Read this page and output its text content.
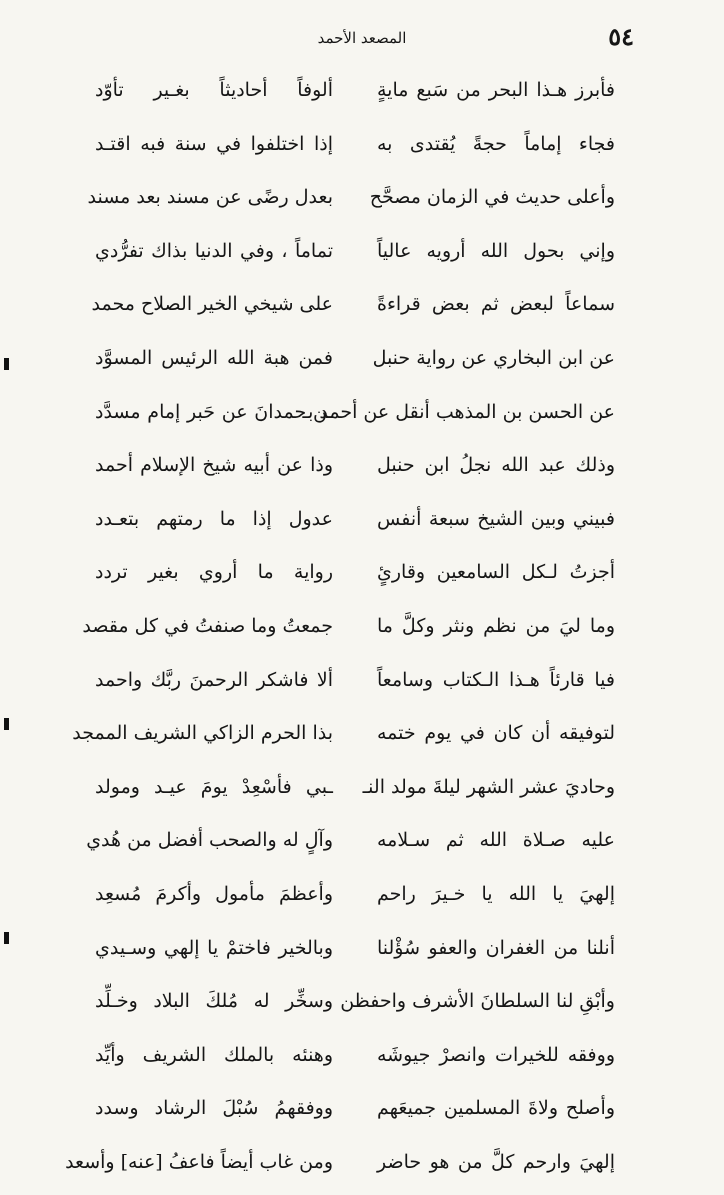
٥٤
المصعد الأحمد
فأبرز هـذا البحر من سَبع مايةٍ
ألوفاً أحاديثاً بغـير تأوّد
فجاء إماماً حجةً يُقتدى به
إذا اختلفوا في سنة فبه اقتـد
وأعلى حديث في الزمان مصحَّح
بعدل رضًى عن مسند بعد مسند
وإني بحول الله أرويه عالياً
تماماً ، وفي الدنيا بذاك تفرُّدي
سماعاً لبعض ثم بعض قراءةً
على شيخي الخير الصلاح محمد
عن ابن البخاري عن رواية حنبل
فمن هبة الله الرئيس المسوَّد
عن الحسن بن المذهب أنقل عن أحمد بـ
ـن حمدانَ عن حَبر إمام مسدَّد
وذلك عبد الله نجلُ ابن حنبل
وذا عن أبيه شيخ الإسلام أحمد
فبيني وبين الشيخ سبعة أنفس
عدول إذا ما رمتهم بتعـدد
أجزتُ لـكل السامعين وقارئٍ
رواية ما أروي بغير تردد
وما ليَ من نظم ونثر وكلَّ ما
جمعتُ وما صنفتُ في كل مقصد
فيا قارئاً هـذا الـكتاب وسامعاً
ألا فاشكر الرحمنَ ربَّك واحمد
لتوفيقه أن كان في يوم ختمه
بذا الحرم الزاكي الشريف الممجد
وحاديَ عشر الشهر ليلةَ مولد النـ
ـبي فأسْعِدْ يومَ عيـد ومولد
عليه صـلاة الله ثم سـلامه
وآلٍ له والصحب أفضل من هُدي
إلهيَ يا الله يا خـيرَ راحم
وأعظمَ مأمول وأكرمَ مُسعِد
أنلنا من الغفران والعفو سُؤْلنا
وبالخير فاختمْ يا إلهي وسـيدي
وأبْقِ لنا السلطانَ الأشرف واحفظن
وسخِّر له مُلكَ البلاد وخـلِّد
ووفقه للخيرات وانصرْ جيوشَه
وهنئه بالملك الشريف وأيِّد
وأصلح ولاةَ المسلمين جميعَهم
ووفقهمُ سُبْلَ الرشاد وسدد
إلهيَ وارحم كلَّ من هو حاضر
ومن غاب أيضاً فاعفُ [عنه] وأسعد
